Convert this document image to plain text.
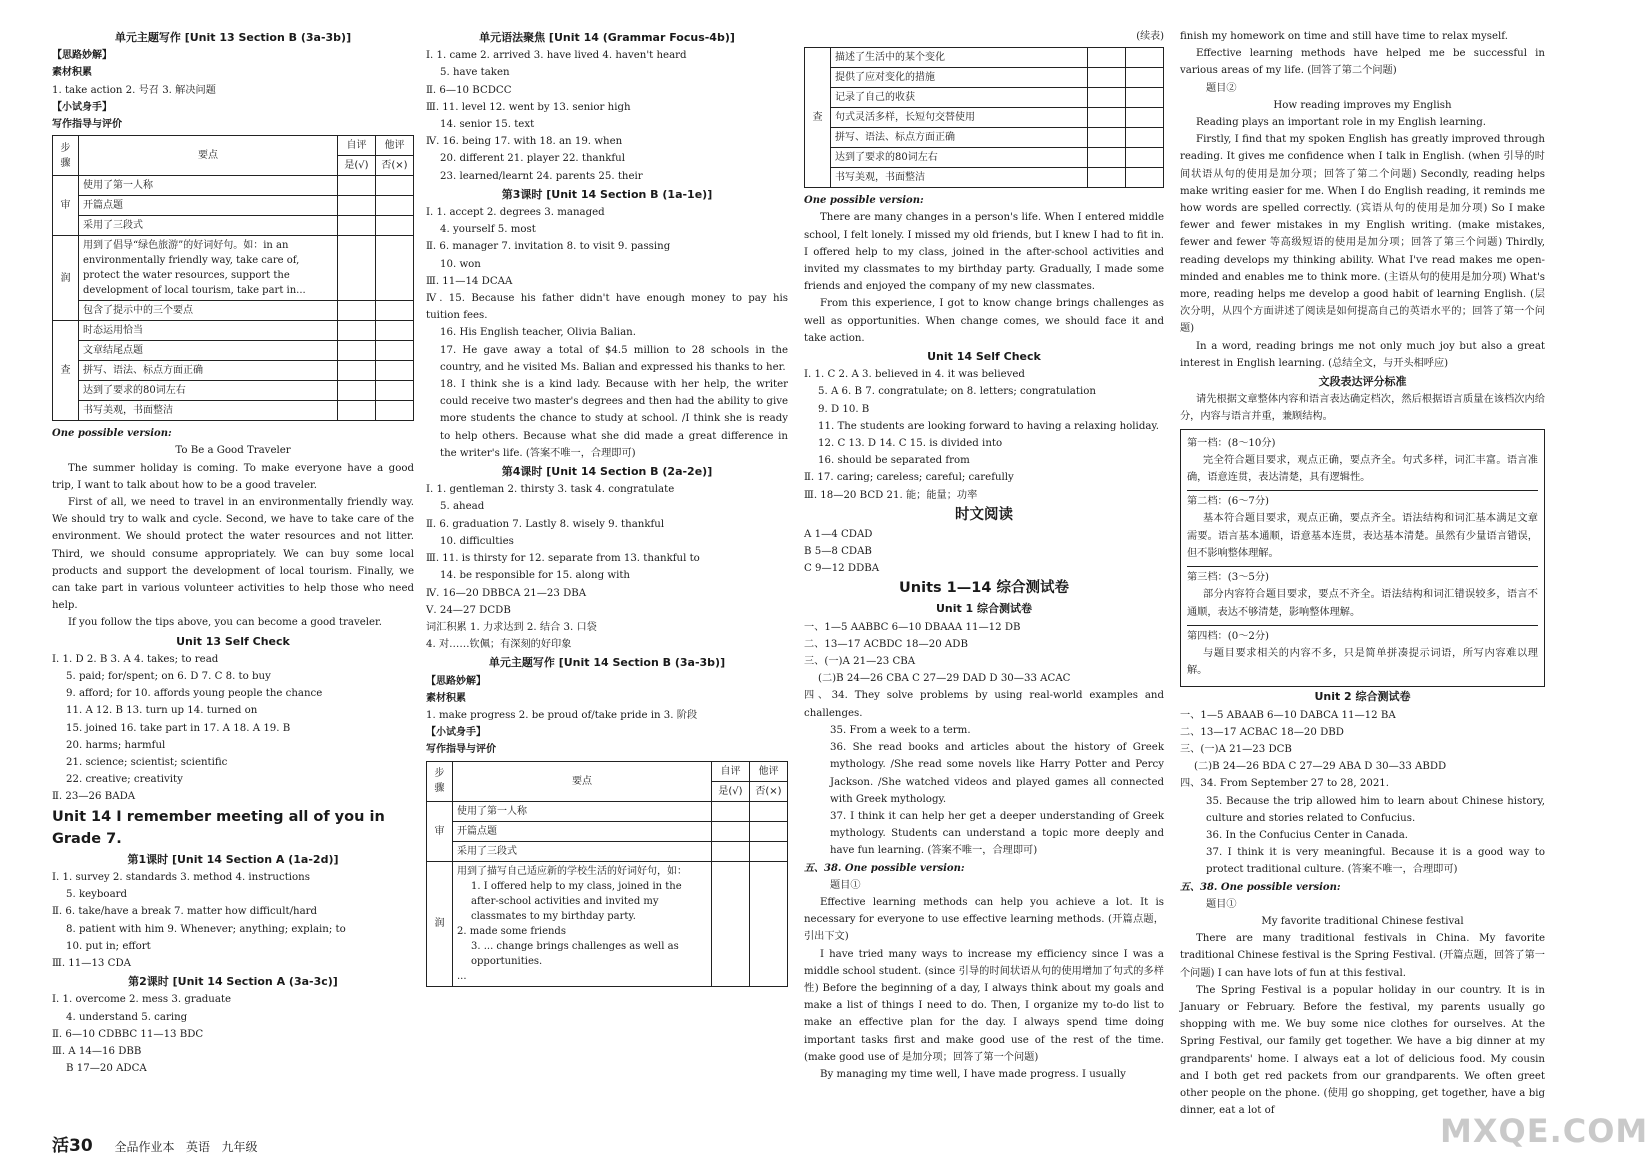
单元主题写作 [Unit 13 Section B (3a-3b)]
【思路妙解】
素材积累
1. take action 2. 号召 3. 解决问题
【小试身手】
写作指导与评价
步骤	要点	自评	他评
		是(√)	否(×)
审	使用了第一人称		
	开篇点题		
	采用了三段式		
润	用到了倡导“绿色旅游”的好词好句。如：in an environmentally friendly way, take care of, protect the water resources, support the development of local tourism, take part in...		
	包含了提示中的三个要点		
查	时态运用恰当		
	文章结尾点题		
	拼写、语法、标点方面正确		
	达到了要求的80词左右		
	书写美观，书面整洁		
One possible version:
To Be a Good Traveler
The summer holiday is coming. To make everyone have a good trip, I want to talk about how to be a good traveler.
First of all, we need to travel in an environmentally friendly way. We should try to walk and cycle. Second, we have to take care of the environment. We should protect the water resources and not litter. Third, we should consume appropriately. We can buy some local products and support the development of local tourism. Finally, we can take part in various volunteer activities to help those who need help.
If you follow the tips above, you can become a good traveler.
Unit 13 Self Check
Ⅰ. 1. D 2. B 3. A 4. takes; to read
5. paid; for/spent; on 6. D 7. C 8. to buy
9. afford; for 10. affords young people the chance
11. A 12. B 13. turn up 14. turned on
15. joined 16. take part in 17. A 18. A 19. B
20. harms; harmful
21. science; scientist; scientific
22. creative; creativity
Ⅱ. 23—26 BADA
Unit 14 I remember meeting all of you in Grade 7.
第1课时 [Unit 14 Section A (1a-2d)]
Ⅰ. 1. survey 2. standards 3. method 4. instructions
5. keyboard
Ⅱ. 6. take/have a break 7. matter how difficult/hard
8. patient with him 9. Whenever; anything; explain; to
10. put in; effort
Ⅲ. 11—13 CDA
第2课时 [Unit 14 Section A (3a-3c)]
Ⅰ. 1. overcome 2. mess 3. graduate
4. understand 5. caring
Ⅱ. 6—10 CDBBC 11—13 BDC
Ⅲ. A 14—16 DBB
B 17—20 ADCA
单元语法聚焦 [Unit 14 (Grammar Focus-4b)]
Ⅰ. 1. came 2. arrived 3. have lived 4. haven't heard
5. have taken
Ⅱ. 6—10 BCDCC
Ⅲ. 11. level 12. went by 13. senior high
14. senior 15. text
Ⅳ. 16. being 17. with 18. an 19. when
20. different 21. player 22. thankful
23. learned/learnt 24. parents 25. their
第3课时 [Unit 14 Section B (1a-1e)]
Ⅰ. 1. accept 2. degrees 3. managed
4. yourself 5. most
Ⅱ. 6. manager 7. invitation 8. to visit 9. passing
10. won
Ⅲ. 11—14 DCAA
Ⅳ. 15. Because his father didn't have enough money to pay his tuition fees.
16. His English teacher, Olivia Balian.
17. He gave away a total of $4.5 million to 28 schools in the country, and he visited Ms. Balian and expressed his thanks to her.
18. I think she is a kind lady. Because with her help, the writer could receive two master's degrees and then had the ability to give more students the chance to study at school. /I think she is ready to help others. Because what she did made a great difference in the writer's life. (答案不唯一，合理即可)
第4课时 [Unit 14 Section B (2a-2e)]
Ⅰ. 1. gentleman 2. thirsty 3. task 4. congratulate
5. ahead
Ⅱ. 6. graduation 7. Lastly 8. wisely 9. thankful
10. difficulties
Ⅲ. 11. is thirsty for 12. separate from 13. thankful to
14. be responsible for 15. along with
Ⅳ. 16—20 DBBCA 21—23 DBA
Ⅴ. 24—27 DCDB
词汇积累 1. 力求达到 2. 结合 3. 口袋
4. 对……钦佩；有深刻的好印象
单元主题写作 [Unit 14 Section B (3a-3b)]
【思路妙解】
素材积累
1. make progress 2. be proud of/take pride in 3. 阶段
【小试身手】
写作指导与评价
步骤	要点	自评	他评
		是(√)	否(×)
审	使用了第一人称		
	开篇点题		
	采用了三段式		
润	用到了描写自己适应新的学校生活的好词好句，如：
1. I offered help to my class, joined in the after-school activities and invited my classmates to my birthday party.
2. made some friends
3. ... change brings challenges as well as opportunities.
...		

(续表)
查	描述了生活中的某个变化		
	提供了应对变化的措施		
	记录了自己的收获		
	句式灵活多样，长短句交替使用		
	拼写、语法、标点方面正确		
	达到了要求的80词左右		
	书写美观，书面整洁		
One possible version:
There are many changes in a person's life. When I entered middle school, I felt lonely. I missed my old friends, but I knew I had to fit in. I offered help to my class, joined in the after-school activities and invited my classmates to my birthday party. Gradually, I made some friends and enjoyed the company of my new classmates.
From this experience, I got to know change brings challenges as well as opportunities. When change comes, we should face it and take action.
Unit 14 Self Check
Ⅰ. 1. C 2. A 3. believed in 4. it was believed
5. A 6. B 7. congratulate; on 8. letters; congratulation
9. D 10. B
11. The students are looking forward to having a relaxing holiday.
12. C 13. D 14. C 15. is divided into
16. should be separated from
Ⅱ. 17. caring; careless; careful; carefully
Ⅲ. 18—20 BCD 21. 能；能量；功率
时文阅读
A 1—4 CDAD
B 5—8 CDAB
C 9—12 DDBA
Units 1—14 综合测试卷
Unit 1 综合测试卷
一、1—5 AABBC 6—10 DBAAA 11—12 DB
二、13—17 ACBDC 18—20 ADB
三、(一)A 21—23 CBA
(二)B 24—26 CBA C 27—29 DAD D 30—33 ACAC
四、34. They solve problems by using real-world examples and challenges.
35. From a week to a term.
36. She read books and articles about the history of Greek mythology. /She read some novels like Harry Potter and Percy Jackson. /She watched videos and played games all connected with Greek mythology.
37. I think it can help her get a deeper understanding of Greek mythology. Students can understand a topic more deeply and have fun learning. (答案不唯一，合理即可)
五、38. One possible version:
题目①
Effective learning methods can help you achieve a lot. It is necessary for everyone to use effective learning methods. (开篇点题，引出下文)
I have tried many ways to increase my efficiency since I was a middle school student. (since 引导的时间状语从句的使用增加了句式的多样性) Before the beginning of a day, I always think about my goals and make a list of things I need to do. Then, I organize my to-do list to make an effective plan for the day. I always spend time doing important tasks first and make good use of the rest of the time. (make good use of 是加分项；回答了第一个问题)
By managing my time well, I have made progress. I usually
finish my homework on time and still have time to relax myself.
Effective learning methods have helped me be successful in various areas of my life. (回答了第二个问题)
题目②
How reading improves my English
Reading plays an important role in my English learning.
Firstly, I find that my spoken English has greatly improved through reading. It gives me confidence when I talk in English. (when 引导的时间状语从句的使用是加分项；回答了第二个问题) Secondly, reading helps make writing easier for me. When I do English reading, it reminds me how words are spelled correctly. (宾语从句的使用是加分项) So I make fewer and fewer mistakes in my English writing. (make mistakes, fewer and fewer 等高级短语的使用是加分项；回答了第三个问题) Thirdly, reading develops my thinking ability. What I've read makes me open-minded and enables me to think more. (主语从句的使用是加分项) What's more, reading helps me develop a good habit of learning English. (层次分明，从四个方面讲述了阅读是如何提高自己的英语水平的；回答了第一个问题)
In a word, reading brings me not only much joy but also a great interest in English learning. (总结全文，与开头相呼应)
文段表达评分标准
请先根据文章整体内容和语言表达确定档次，然后根据语言质量在该档次内给分，内容与语言并重，兼顾结构。
第一档：(8～10分)
完全符合题目要求，观点正确，要点齐全。句式多样，词汇丰富。语言准确，语意连贯，表达清楚，具有逻辑性。
第二档：(6～7分)
基本符合题目要求，观点正确，要点齐全。语法结构和词汇基本满足文章需要。语言基本通顺，语意基本连贯，表达基本清楚。虽然有少量语言错误，但不影响整体理解。
第三档：(3～5分)
部分内容符合题目要求，要点不齐全。语法结构和词汇错误较多，语言不通顺，表达不够清楚，影响整体理解。
第四档：(0～2分)
与题目要求相关的内容不多，只是简单拼凑提示词语，所写内容难以理解。
Unit 2 综合测试卷
一、1—5 ABAAB 6—10 DABCA 11—12 BA
二、13—17 ACBAC 18—20 DBD
三、(一)A 21—23 DCB
(二)B 24—26 BDA C 27—29 ABA D 30—33 ABDD
四、34. From September 27 to 28, 2021.
35. Because the trip allowed him to learn about Chinese history, culture and stories related to Confucius.
36. In the Confucius Center in Canada.
37. I think it is very meaningful. Because it is a good way to protect traditional culture. (答案不唯一，合理即可)
五、38. One possible version:
题目①
My favorite traditional Chinese festival
There are many traditional festivals in China. My favorite traditional Chinese festival is the Spring Festival. (开篇点题，回答了第一个问题) I can have lots of fun at this festival.
The Spring Festival is a popular holiday in our country. It is in January or February. Before the festival, my parents usually go shopping with me. We buy some nice clothes for ourselves. At the Spring Festival, our family get together. We have a big dinner at my grandparents' home. I always eat a lot of delicious food. My cousin and I both get red packets from our grandparents. We often greet other people on the phone. (使用 go shopping, get together, have a big dinner, eat a lot of
活30 全品作业本 英语 九年级	MXQE.COM
